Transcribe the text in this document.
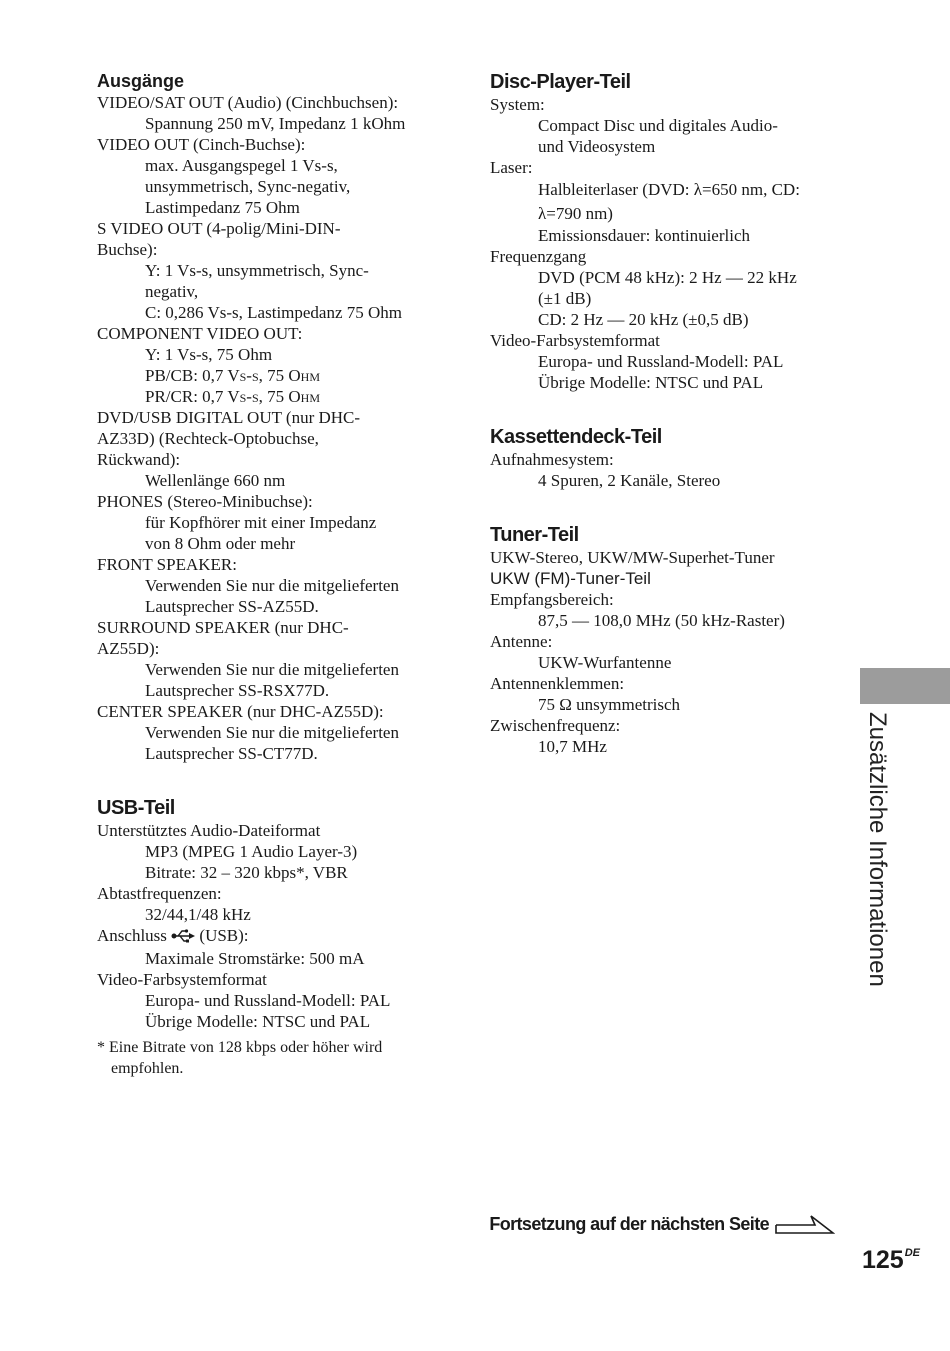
Ausgänge
VIDEO/SAT OUT (Audio) (Cinchbuchsen):
Spannung 250 mV, Impedanz 1 kOhm
VIDEO OUT (Cinch-Buchse):
max. Ausgangspegel 1 Vs-s,
unsymmetrisch, Sync-negativ,
Lastimpedanz 75 Ohm
S VIDEO OUT (4-polig/Mini-DIN-
Buchse):
Y: 1 Vs-s, unsymmetrisch, Sync-
negativ,
C: 0,286 Vs-s, Lastimpedanz 75 Ohm
COMPONENT VIDEO OUT:
Y: 1 Vs-s, 75 Ohm
PB/CB: 0,7 Vs-s, 75 Ohm
PR/CR: 0,7 Vs-s, 75 Ohm
DVD/USB DIGITAL OUT (nur DHC-
AZ33D) (Rechteck-Optobuchse,
Rückwand):
Wellenlänge 660 nm
PHONES (Stereo-Minibuchse):
für Kopfhörer mit einer Impedanz
von 8 Ohm oder mehr
FRONT SPEAKER:
Verwenden Sie nur die mitgelieferten
Lautsprecher SS-AZ55D.
SURROUND SPEAKER (nur DHC-
AZ55D):
Verwenden Sie nur die mitgelieferten
Lautsprecher SS-RSX77D.
CENTER SPEAKER (nur DHC-AZ55D):
Verwenden Sie nur die mitgelieferten
Lautsprecher SS-CT77D.
USB-Teil
Unterstütztes Audio-Dateiformat
MP3 (MPEG 1 Audio Layer-3)
Bitrate: 32 – 320 kbps*, VBR
Abtastfrequenzen:
32/44,1/48 kHz
Anschluss (USB):
Maximale Stromstärke: 500 mA
Video-Farbsystemformat
Europa- und Russland-Modell: PAL
Übrige Modelle: NTSC und PAL
* Eine Bitrate von 128 kbps oder höher wird empfohlen.
Disc-Player-Teil
System:
Compact Disc und digitales Audio-
und Videosystem
Laser:
Halbleiterlaser (DVD: λ=650 nm, CD:
λ=790 nm)
Emissionsdauer: kontinuierlich
Frequenzgang
DVD (PCM 48 kHz): 2 Hz — 22 kHz
(±1 dB)
CD: 2 Hz — 20 kHz (±0,5 dB)
Video-Farbsystemformat
Europa- und Russland-Modell: PAL
Übrige Modelle: NTSC und PAL
Kassettendeck-Teil
Aufnahmesystem:
4 Spuren, 2 Kanäle, Stereo
Tuner-Teil
UKW-Stereo, UKW/MW-Superhet-Tuner
UKW (FM)-Tuner-Teil
Empfangsbereich:
87,5 — 108,0 MHz (50 kHz-Raster)
Antenne:
UKW-Wurfantenne
Antennenklemmen:
75 Ω unsymmetrisch
Zwischenfrequenz:
10,7 MHz	Zusätzliche Informationen
Fortsetzung auf der nächsten Seite
125DE
